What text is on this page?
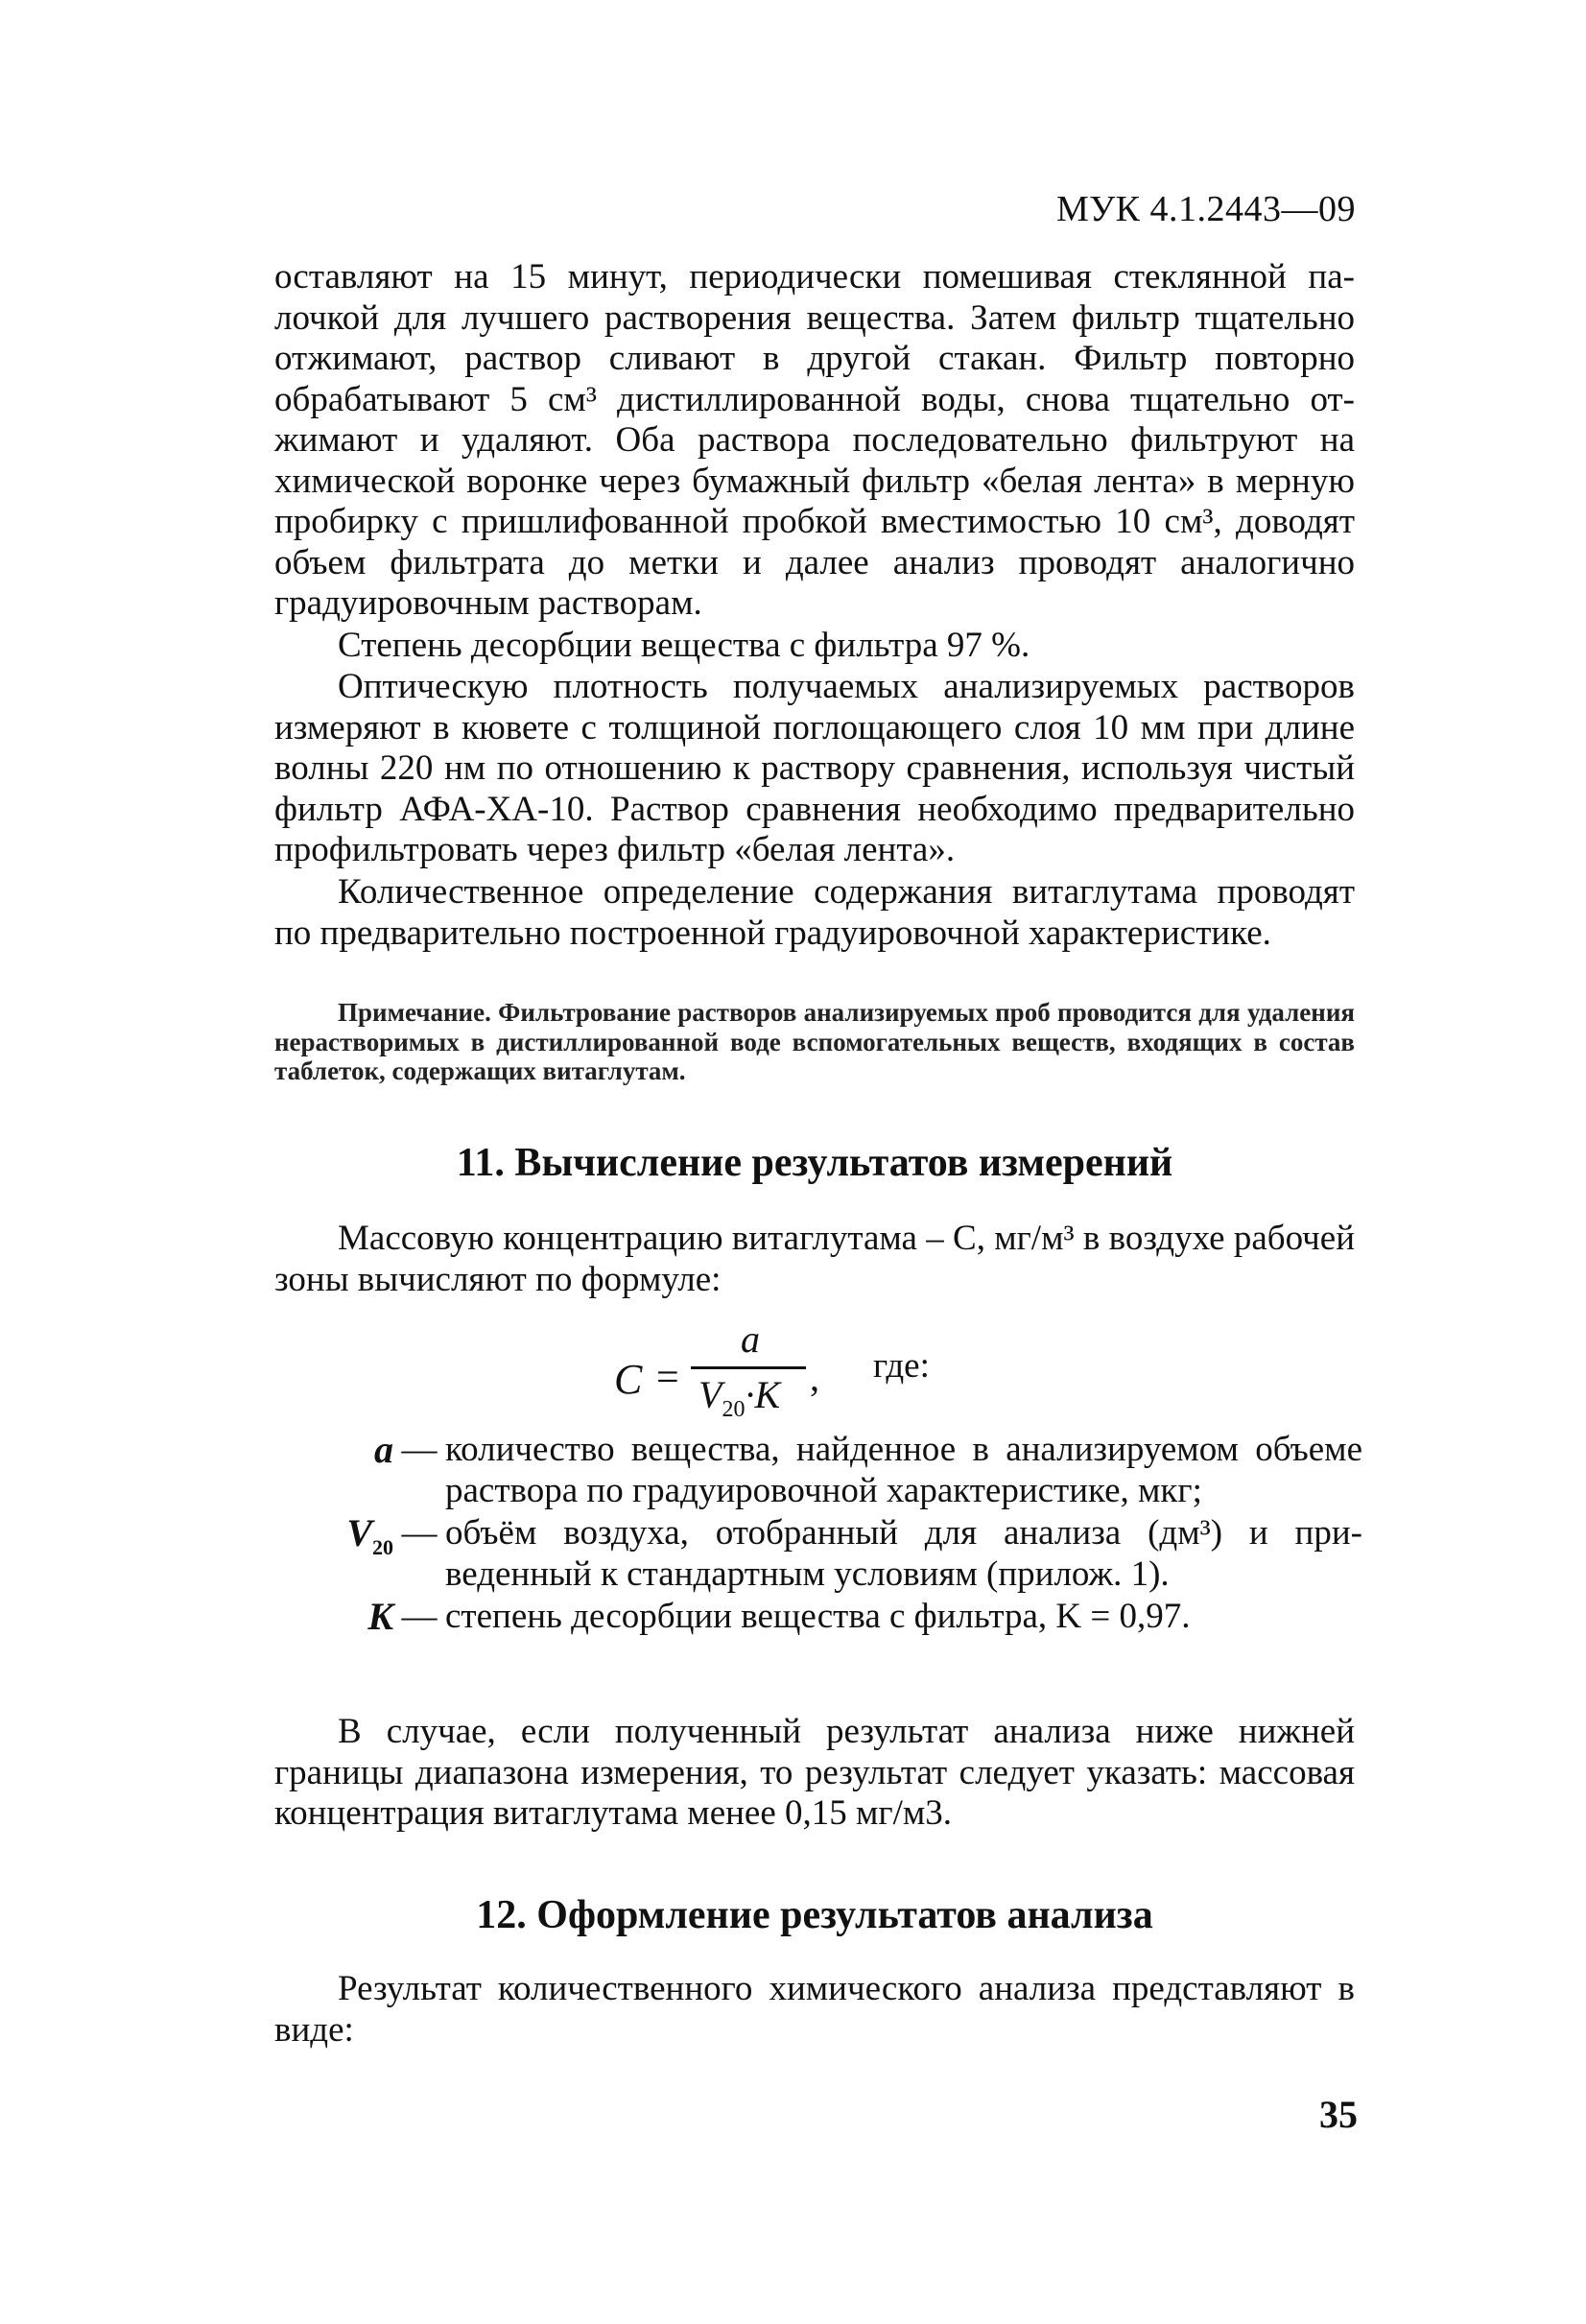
МУК 4.1.2443—09

оставляют на 15 минут, периодически помешивая стеклянной палочкой для лучшего растворения вещества. Затем фильтр тщательно отжимают, раствор сливают в другой стакан. Фильтр повторно обрабатывают 5 см³ дистиллированной воды, снова тщательно отжимают и удаляют. Оба раствора последовательно фильтруют на химической воронке через бумажный фильтр «белая лента» в мерную пробирку с пришлифованной пробкой вместимостью 10 см³, доводят объем фильтрата до метки и далее анализ проводят аналогично градуировочным растворам.

Степень десорбции вещества с фильтра 97 %.

Оптическую плотность получаемых анализируемых растворов измеряют в кювете с толщиной поглощающего слоя 10 мм при длине волны 220 нм по отношению к раствору сравнения, используя чистый фильтр АФА-ХА-10. Раствор сравнения необходимо предварительно профильтровать через фильтр «белая лента».

Количественное определение содержания витаглутама проводят по предварительно построенной градуировочной характеристике.

Примечание. Фильтрование растворов анализируемых проб проводится для удаления нерастворимых в дистиллированной воде вспомогательных веществ, входящих в состав таблеток, содержащих витаглутам.

11. Вычисление результатов измерений

Массовую концентрацию витаглутама – С, мг/м³ в воздухе рабочей зоны вычисляют по формуле:

С =
a
$V_{20}\cdot K$ , где:
a — количество вещества, найденное в анализируемом объеме раствора по градуировочной характеристике, мкг;
$V_{20}$ — объём воздуха, отобранный для анализа (дм³) и приведенный к стандартным условиям (прилож. 1).
K — степень десорбции вещества с фильтра, K = 0,97.

В случае, если полученный результат анализа ниже нижней границы диапазона измерения, то результат следует указать: массовая концентрация витаглутама менее 0,15 мг/м3.

12. Оформление результатов анализа

Результат количественного химического анализа представляют в виде:

35
